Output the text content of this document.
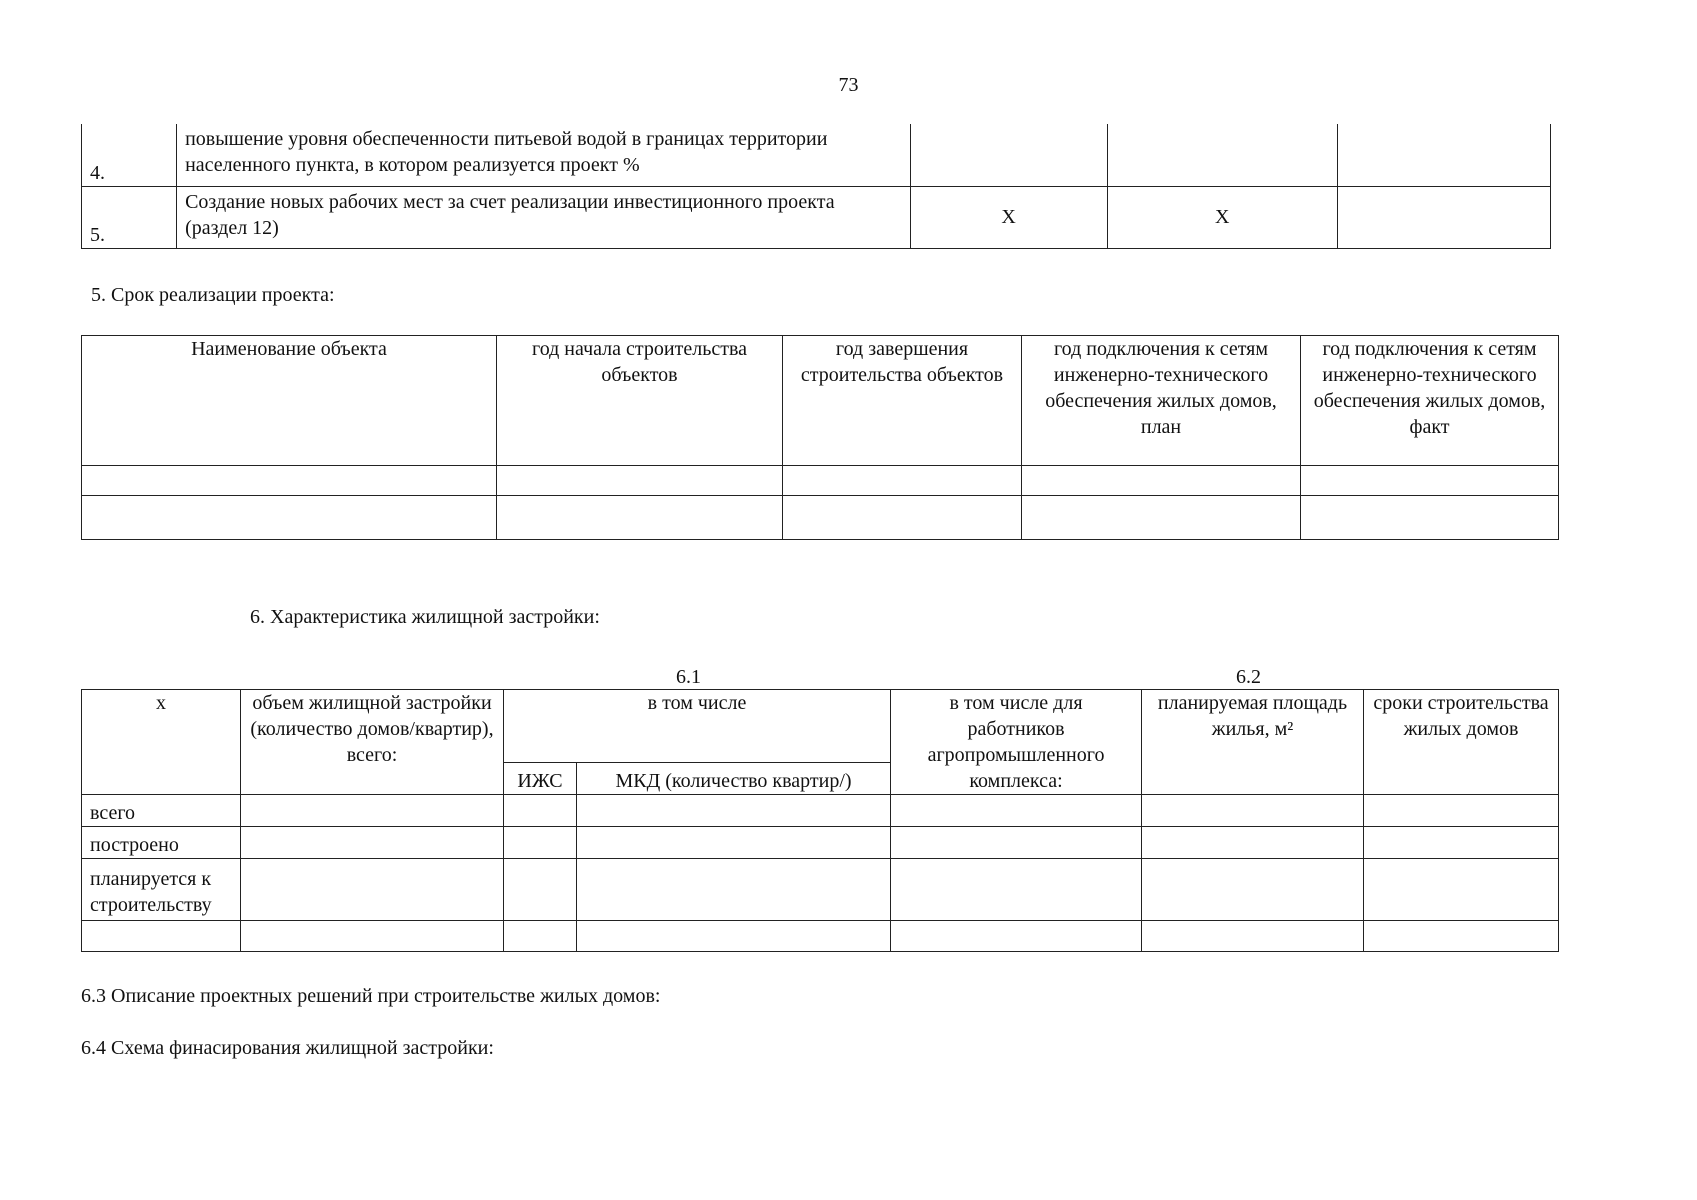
73
4.	повышение уровня обеспеченности питьевой водой в границах территории населенного пункта, в котором реализуется проект %			
5.	Создание новых рабочих мест за счет реализации инвестиционного проекта (раздел 12)	Х	Х	
5. Срок реализации проекта:
Наименование объекта	год начала строительства объектов	год завершения строительства объектов	год подключения к сетям инженерно-технического обеспечения жилых домов, план	год подключения к сетям инженерно-технического обеспечения жилых домов, факт

6. Характеристика жилищной застройки:
6.1	6.2
х	объем жилищной застройки (количество домов/квартир), всего:	в том числе		в том числе для работников агропромышленного комплекса:	планируемая площадь жилья, м²	сроки строительства жилых домов
		ИЖС	МКД (количество квартир/)			
всего						
построено						
планируется к строительству						

6.3 Описание проектных решений при строительстве жилых домов:
6.4 Схема финасирования жилищной застройки:
